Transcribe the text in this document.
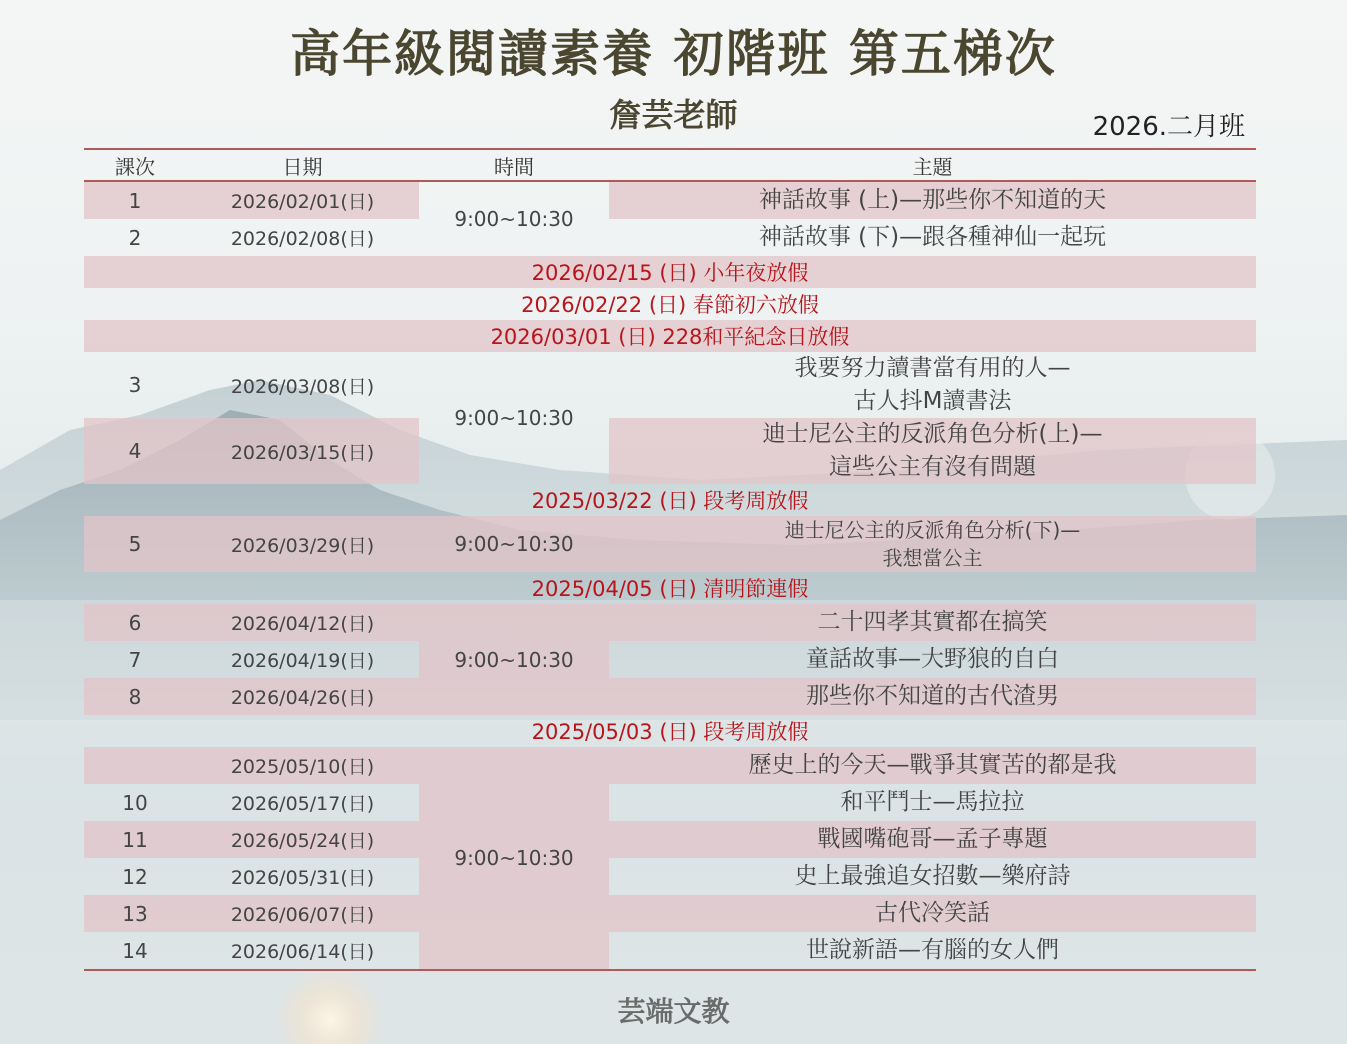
高年級閱讀素養 初階班 第五梯次
詹芸老師	2026.二月班
課次	日期	時間	主題
1	2026/02/01(日)	9:00~10:30	神話故事 (上)—那些你不知道的天
2	2026/02/08(日)		神話故事 (下)—跟各種神仙一起玩
2026/02/15 (日) 小年夜放假			
2026/02/22 (日) 春節初六放假			
2026/03/01 (日) 228和平紀念日放假			
3	2026/03/08(日)	9:00~10:30	我要努力讀書當有用的人—
古人抖M讀書法

4	2026/03/15(日)		迪士尼公主的反派角色分析(上)—
這些公主有沒有問題

2025/03/22 (日) 段考周放假			
5	2026/03/29(日)	9:00~10:30	迪士尼公主的反派角色分析(下)—
我想當公主

2025/04/05 (日) 清明節連假			
6	2026/04/12(日)	9:00~10:30	二十四孝其實都在搞笑
7	2026/04/19(日)		童話故事—大野狼的自白
8	2026/04/26(日)		那些你不知道的古代渣男
2025/05/03 (日) 段考周放假			
	2025/05/10(日)	9:00~10:30	歷史上的今天—戰爭其實苦的都是我
10	2026/05/17(日)		和平鬥士—馬拉拉
11	2026/05/24(日)		戰國嘴砲哥—孟子專題
12	2026/05/31(日)		史上最強追女招數—樂府詩
13	2026/06/07(日)		古代冷笑話
14	2026/06/14(日)		世說新語—有腦的女人們
芸端文教
